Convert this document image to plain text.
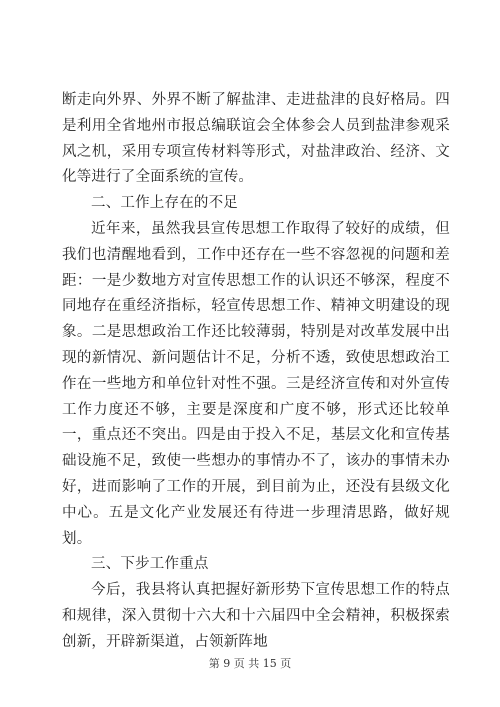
断走向外界、外界不断了解盐津、走进盐津的良好格局。四是利用全省地州市报总编联谊会全体参会人员到盐津参观采风之机，采用专项宣传材料等形式，对盐津政治、经济、文化等进行了全面系统的宣传。

二、工作上存在的不足

近年来，虽然我县宣传思想工作取得了较好的成绩，但我们也清醒地看到，工作中还存在一些不容忽视的问题和差距：一是少数地方对宣传思想工作的认识还不够深，程度不同地存在重经济指标，轻宣传思想工作、精神文明建设的现象。二是思想政治工作还比较薄弱，特别是对改革发展中出现的新情况、新问题估计不足，分析不透，致使思想政治工作在一些地方和单位针对性不强。三是经济宣传和对外宣传工作力度还不够，主要是深度和广度不够，形式还比较单一，重点还不突出。四是由于投入不足，基层文化和宣传基础设施不足，致使一些想办的事情办不了，该办的事情未办好，进而影响了工作的开展，到目前为止，还没有县级文化中心。五是文化产业发展还有待进一步理清思路，做好规划。

三、下步工作重点

今后，我县将认真把握好新形势下宣传思想工作的特点和规律，深入贯彻十六大和十六届四中全会精神，积极探索创新，开辟新渠道，占领新阵地

第 9 页 共 15 页
